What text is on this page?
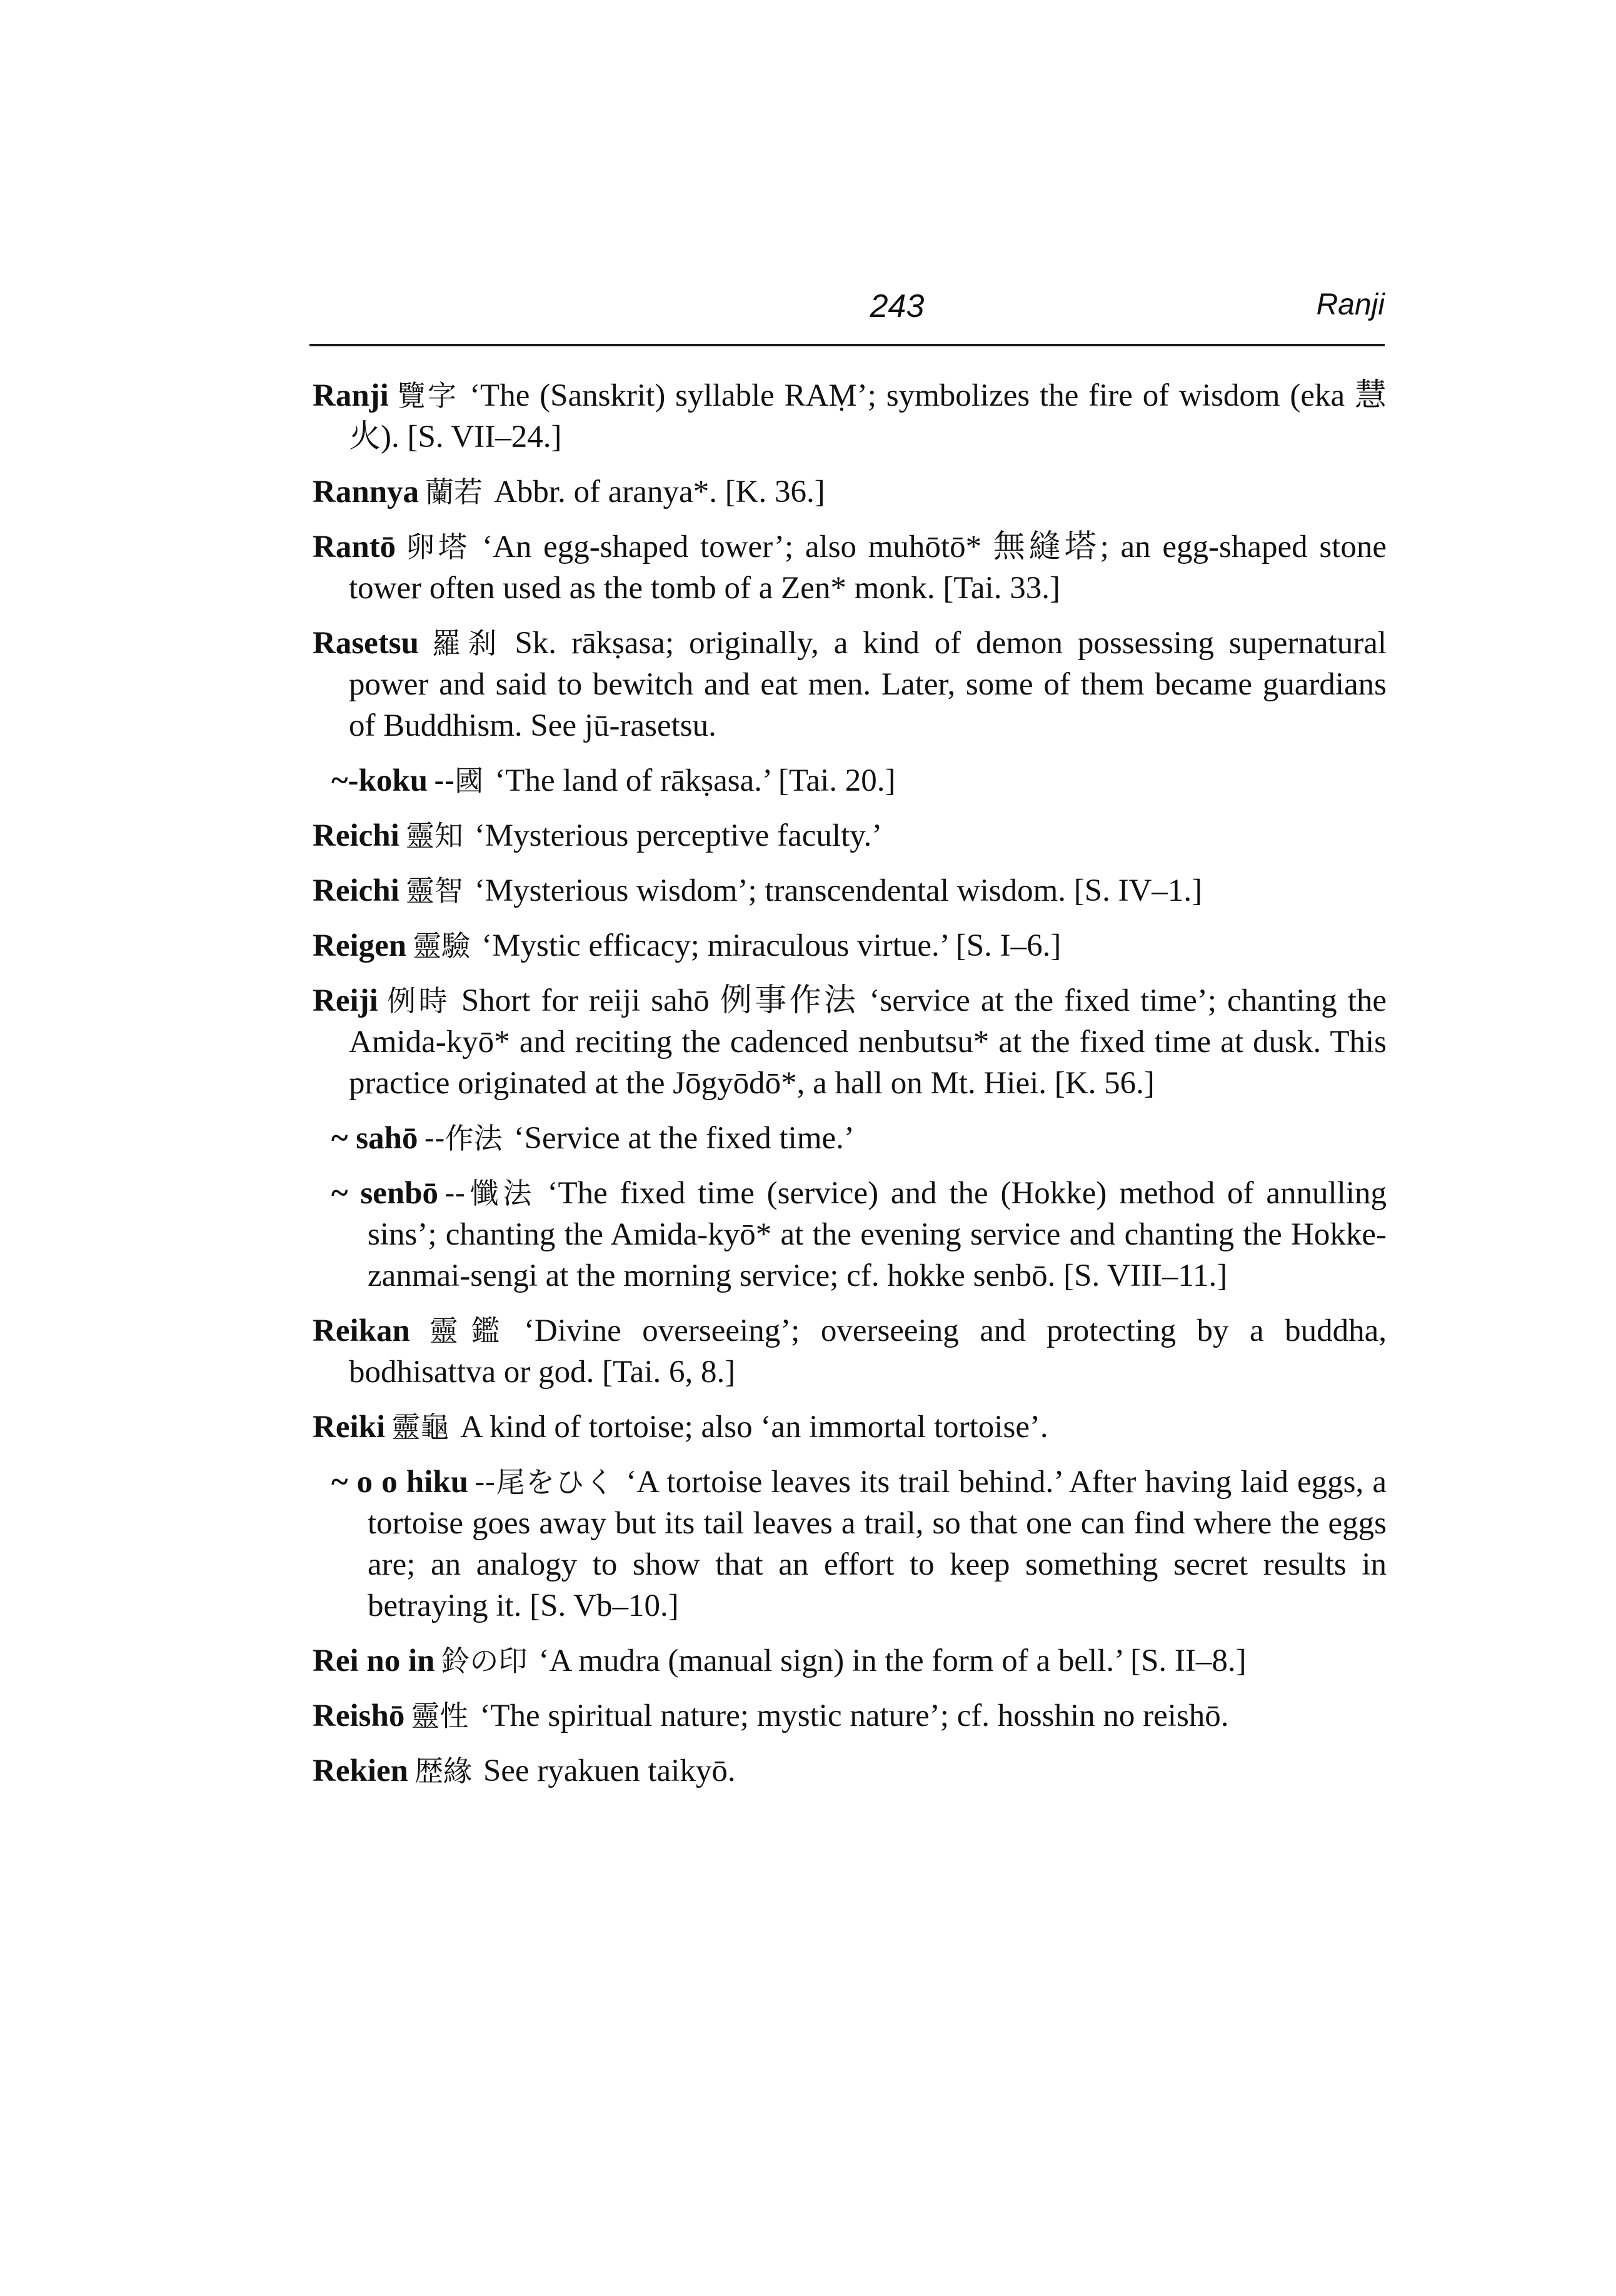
243	Ranji

Ranji 覽字 ‘The (Sanskrit) syllable RAṂ’; symbolizes the fire of wisdom (eka 慧火). [S. VII–24.]

Rannya 蘭若 Abbr. of aranya*. [K. 36.]

Rantō 卵塔 ‘An egg-shaped tower’; also muhōtō* 無縫塔; an egg-shaped stone tower often used as the tomb of a Zen* monk. [Tai. 33.]

Rasetsu 羅刹 Sk. rākṣasa; originally, a kind of demon possessing supernatural power and said to bewitch and eat men. Later, some of them became guardians of Buddhism. See jū-rasetsu.

~-koku --國 ‘The land of rākṣasa.’ [Tai. 20.]

Reichi 靈知 ‘Mysterious perceptive faculty.’

Reichi 靈智 ‘Mysterious wisdom’; transcendental wisdom. [S. IV–1.]

Reigen 靈驗 ‘Mystic efficacy; miraculous virtue.’ [S. I–6.]

Reiji 例時 Short for reiji sahō 例事作法 ‘service at the fixed time’; chanting the Amida-kyō* and reciting the cadenced nenbutsu* at the fixed time at dusk. This practice originated at the Jōgyōdō*, a hall on Mt. Hiei. [K. 56.]

~ sahō --作法 ‘Service at the fixed time.’

~ senbō --懺法 ‘The fixed time (service) and the (Hokke) method of annulling sins’; chanting the Amida-kyō* at the evening service and chanting the Hokke-zanmai-sengi at the morning service; cf. hokke senbō. [S. VIII–11.]

Reikan 靈鑑 ‘Divine overseeing’; overseeing and protecting by a buddha, bodhisattva or god. [Tai. 6, 8.]

Reiki 靈龜 A kind of tortoise; also ‘an immortal tortoise’.

~ o o hiku --尾をひく ‘A tortoise leaves its trail behind.’ After having laid eggs, a tortoise goes away but its tail leaves a trail, so that one can find where the eggs are; an analogy to show that an effort to keep something secret results in betraying it. [S. Vb–10.]

Rei no in 鈴の印 ‘A mudra (manual sign) in the form of a bell.’ [S. II–8.]

Reishō 靈性 ‘The spiritual nature; mystic nature’; cf. hosshin no reishō.

Rekien 歴緣 See ryakuen taikyō.
